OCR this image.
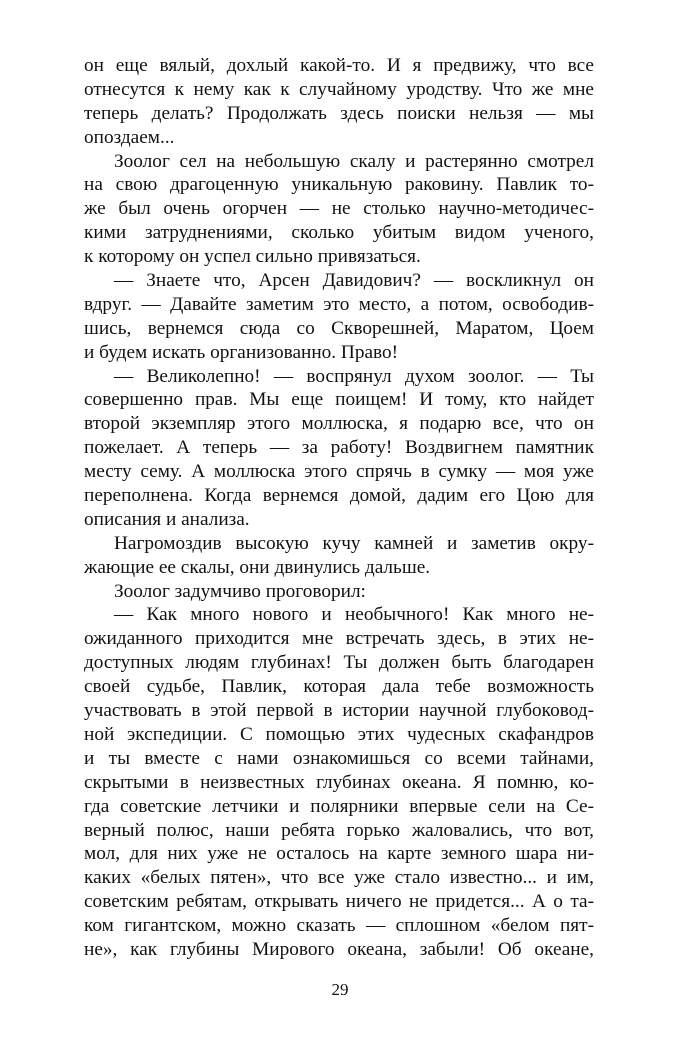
он еще вялый, дохлый какой-то. И я предвижу, что все
отнесутся к нему как к случайному уродству. Что же мне
теперь делать? Продолжать здесь поиски нельзя — мы
опоздаем...
Зоолог сел на небольшую скалу и растерянно смотрел
на свою драгоценную уникальную раковину. Павлик то-
же был очень огорчен — не столько научно-методичес-
кими затруднениями, сколько убитым видом ученого,
к которому он успел сильно привязаться.
— Знаете что, Арсен Давидович? — воскликнул он
вдруг. — Давайте заметим это место, а потом, освободив-
шись, вернемся сюда со Скворешней, Маратом, Цоем
и будем искать организованно. Право!
— Великолепно! — воспрянул духом зоолог. — Ты
совершенно прав. Мы еще поищем! И тому, кто найдет
второй экземпляр этого моллюска, я подарю все, что он
пожелает. А теперь — за работу! Воздвигнем памятник
месту сему. А моллюска этого спрячь в сумку — моя уже
переполнена. Когда вернемся домой, дадим его Цою для
описания и анализа.
Нагромоздив высокую кучу камней и заметив окру-
жающие ее скалы, они двинулись дальше.
Зоолог задумчиво проговорил:
— Как много нового и необычного! Как много не-
ожиданного приходится мне встречать здесь, в этих не-
доступных людям глубинах! Ты должен быть благодарен
своей судьбе, Павлик, которая дала тебе возможность
участвовать в этой первой в истории научной глубоковод-
ной экспедиции. С помощью этих чудесных скафандров
и ты вместе с нами ознакомишься со всеми тайнами,
скрытыми в неизвестных глубинах океана. Я помню, ко-
гда советские летчики и полярники впервые сели на Се-
верный полюс, наши ребята горько жаловались, что вот,
мол, для них уже не осталось на карте земного шара ни-
каких «белых пятен», что все уже стало известно... и им,
советским ребятам, открывать ничего не придется... А о та-
ком гигантском, можно сказать — сплошном «белом пят-
не», как глубины Мирового океана, забыли! Об океане,
29
